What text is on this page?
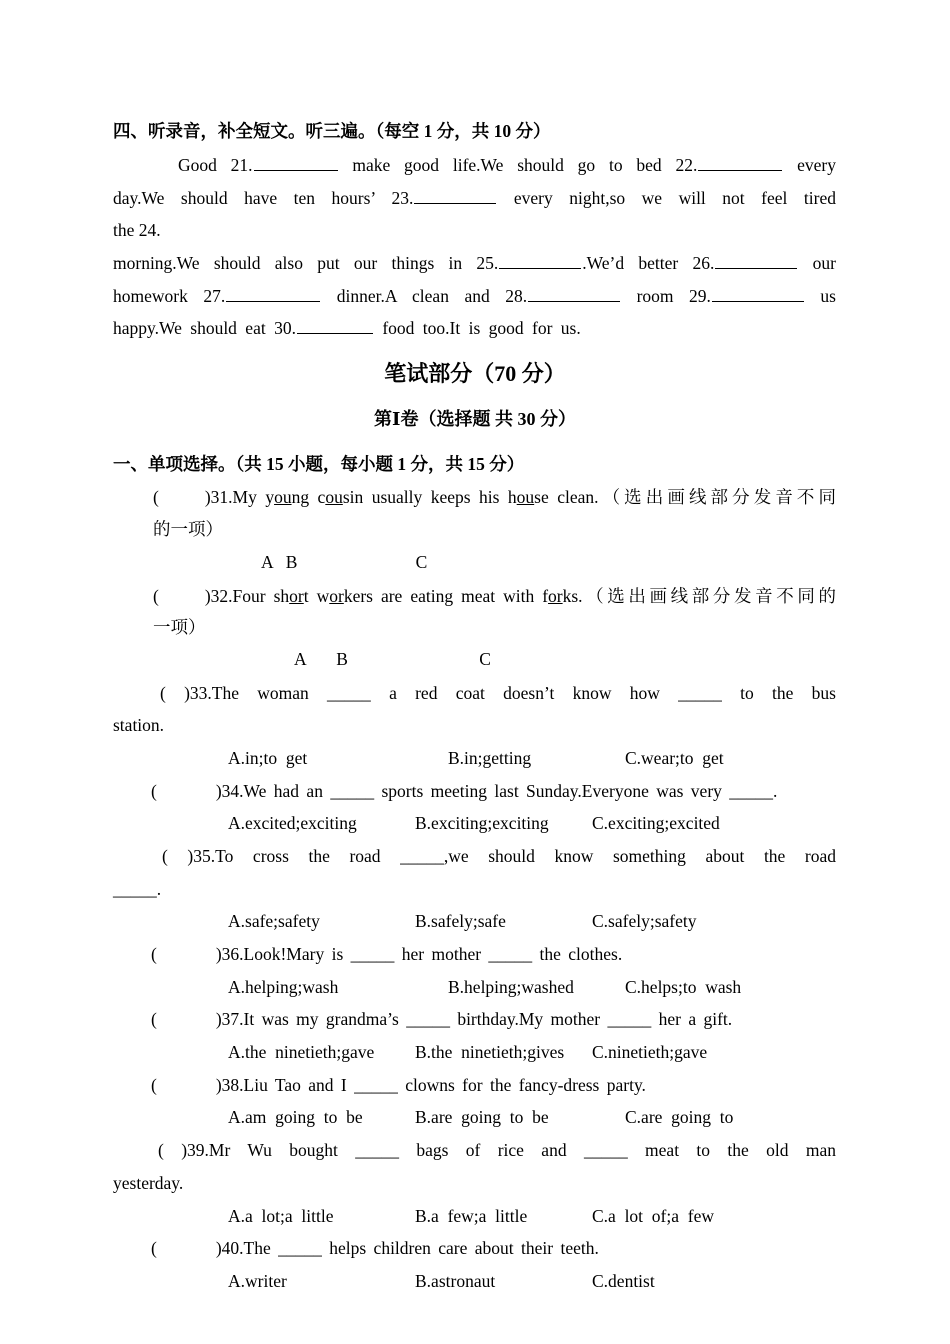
四、听录音，补全短文。听三遍。（每空 1 分，共 10 分）
Good 21.	make good life.We should go to bed 22.	every
day.We should have ten hours’ 23.	every night,so we will not feel tired
the 24.
morning.We should also put our things in 25.	.We’d better 26.	our
homework 27.	dinner.A clean and 28.	room 29.	us
happy.We should eat 30.	food too.It is good for us.
笔试部分（70 分）
第Ⅰ卷（选择题 共 30 分）
一、单项选择。（共 15 小题，每小题 1 分，共 15 分）
(	)31.My young cousin usually keeps his house clean.（选出画线部分发音不同
的一项）
A   B                           C
(	)32.Four short workers are eating meat with forks.（选出画线部分发音不同的
一项）
A       B                              C
( )33.The woman _____ a red coat doesn’t know how _____ to the bus
station.
A.in;to  get	B.in;getting	C.wear;to  get
(        )34.We had an _____ sports meeting last Sunday.Everyone was very _____.
A.excited;exciting	B.exciting;exciting C.exciting;excited
( )35.To cross the road _____,we should know something about the road
_____.
A.safe;safety	B.safely;safe	C.safely;safety
(        )36.Look!Mary is _____ her mother _____ the clothes.
A.helping;wash	B.helping;washed	C.helps;to  wash
(        )37.It was my grandma’s _____ birthday.My mother _____ her a gift.
A.the  ninetieth;gave B.the  ninetieth;gives C.ninetieth;gave
(        )38.Liu Tao and I _____ clowns for the fancy-dress party.
A.am  going  to  be	B.are  going  to  be	C.are  going  to
( )39.Mr Wu bought _____ bags of rice and _____ meat to the old man
yesterday.
A.a  lot;a  little	B.a  few;a  little	C.a  lot  of;a  few
(        )40.The _____ helps children care about their teeth.
A.writer	B.astronaut	C.dentist
